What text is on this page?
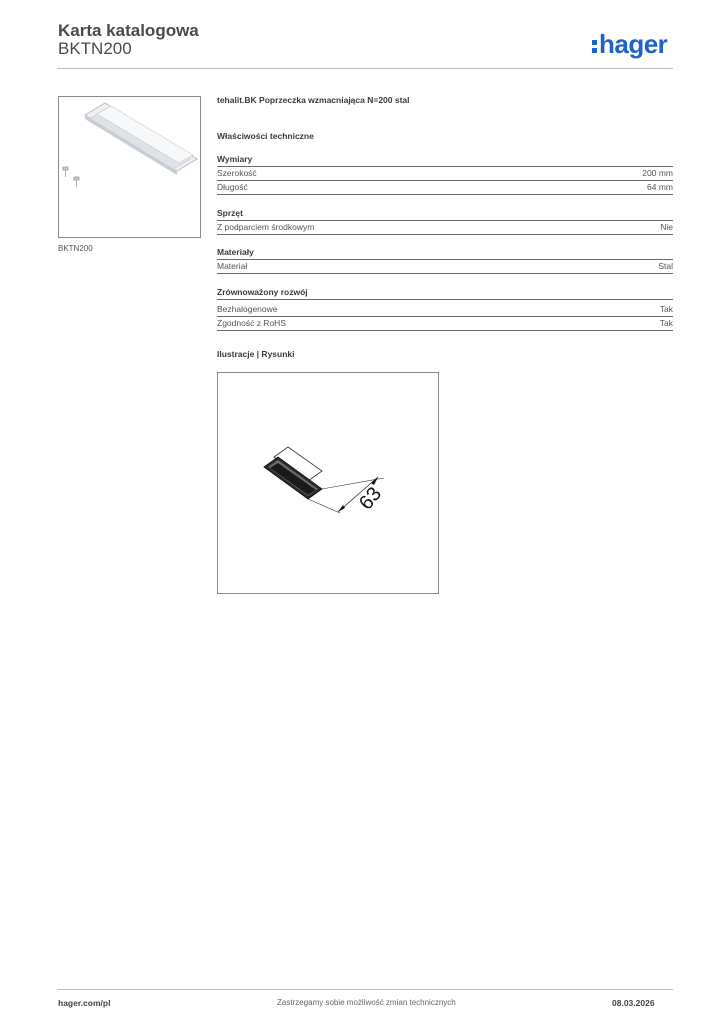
Karta katalogowa
BKTN200	hager
BKTN200
tehalit.BK Poprzeczka wzmacniająca N=200 stal
Właściwości techniczne
Wymiary
Szerokość	200 mm
Długość	64 mm
Sprzęt
Z podparciem środkowym	Nie
Materiały
Materiał	Stal
Zrównoważony rozwój
Bezhalogenowe	Tak
Zgodność z RoHS	Tak
Ilustracje | Rysunki
63
hager.com/pl	Zastrzegamy sobie możliwość zmian technicznych	08.03.2026
